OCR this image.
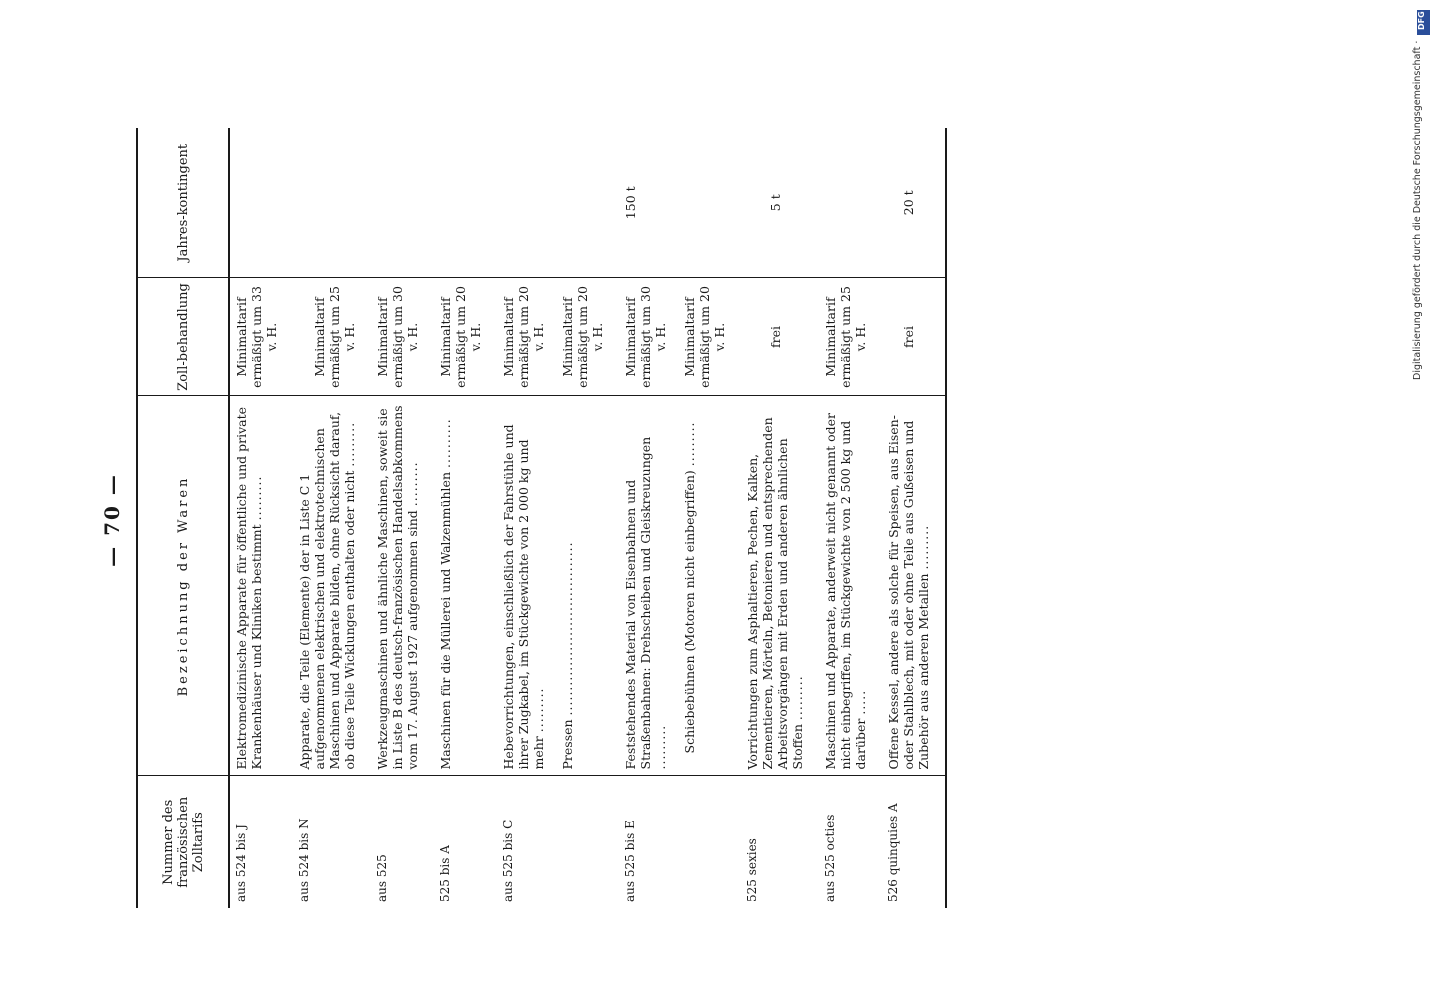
— 70 —
Nummer des französischen Zolltarifs	Bezeichnung der Waren	Zoll-behandlung	Jahres-kontingent
aus 524 bis J	Elektromedizinische Apparate für öffentliche und private Krankenhäuser und Kliniken bestimmt .........	Minimaltarif ermäßigt um 33 v. H.	
aus 524 bis N	Apparate, die Teile (Elemente) der in Liste C 1 aufgenommenen elektrischen und elektrotechnischen Maschinen und Apparate bilden, ohne Rücksicht darauf, ob diese Teile Wicklungen enthalten oder nicht .........	Minimaltarif ermäßigt um 25 v. H.	
aus 525	Werkzeugmaschinen und ähnliche Maschinen, soweit sie in Liste B des deutsch-französischen Handelsabkommens vom 17. August 1927 aufgenommen sind .........	Minimaltarif ermäßigt um 30 v. H.	
525 bis A	Maschinen für die Müllerei und Walzenmühlen ..........	Minimaltarif ermäßigt um 20 v. H.	
aus 525 bis C	Hebevorrichtungen, einschließlich der Fahrstühle und ihrer Zugkabel, im Stückgewichte von 2 000 kg und mehr .........	Minimaltarif ermäßigt um 20 v. H.	
	Pressen ...................................	Minimaltarif ermäßigt um 20 v. H.	
aus 525 bis E	Feststehendes Material von Eisenbahnen und Straßenbahnen: Drehscheiben und Gleiskreuzungen .........	Minimaltarif ermäßigt um 30 v. H.	150 t
	Schiebebühnen (Motoren nicht einbegriffen) .........	Minimaltarif ermäßigt um 20 v. H.	
525 sexies	Vorrichtungen zum Asphaltieren, Pechen, Kalken, Zementieren, Mörteln, Betonieren und entsprechenden Arbeitsvorgängen mit Erden und anderen ähnlichen Stoffen .........	frei	5 t
aus 525 octies	Maschinen und Apparate, anderweit nicht genannt oder nicht einbegriffen, im Stückgewichte von 2 500 kg und darüber .....	Minimaltarif ermäßigt um 25 v. H.	
526 quinquies A	Offene Kessel, andere als solche für Speisen, aus Eisen- oder Stahlblech, mit oder ohne Teile aus Gußeisen und Zubehör aus anderen Metallen .........	frei	20 t	Digitalisierung gefördert durch die Deutsche Forschungsgemeinschaft ·
DFG
